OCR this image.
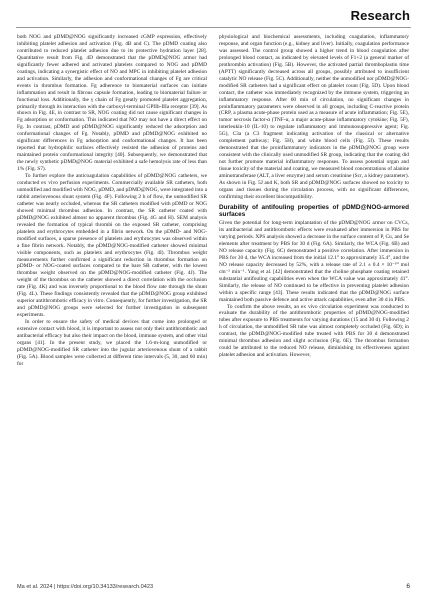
Research

both NOG and pDMD@NOG significantly increased cGMP expression, effectively inhibiting platelet adhesion and activation (Fig. 4B and C). The pDMD coating also contributed to reduced platelet adhesion due to its protective hydration layer [28]. Quantitative result from Fig. 4D demonstrated that the pDMD@NOG armor had significantly fewer adhered and activated platelets compared to NOG and pDMD coatings, indicating a synergistic effect of NO and MPC in inhibiting platelet adhesion and activation. Similarly, the adhesion and conformational changes of Fg are critical events in thrombus formation. Fg adherence to biomaterial surfaces can initiate inflammation and result in fibrous capsule formation, leading to biomaterial failure or functional loss. Additionally, the γ chain of Fg greatly promoted platelet aggregation, primarily through its interaction with the carboxyl-terminal GPIIb-IIIa receptor [39]. As shown in Fig. 4E, in contrast to SR, NOG coating did not cause significant changes in Fg adsorption or conformation. This indicated that NO may not have a direct effect on Fg. In contrast, pDMD and pDMD@NOG significantly reduced the adsorption and conformational changes of Fg. Notably, pDMD and pDMD@NOG exhibited no significant differences in Fg adsorption and conformational changes. It has been reported that hydrophilic surfaces effectively resisted the adhesion of proteins and maintained protein conformational integrity [40]. Subsequently, we demonstrated that the newly synthetic pDMD@NOG material exhibited a safe hemolysis rate of less than 1% (Fig. S7).

To further explore the anticoagulation capabilities of pDMD@NOG catheters, we conducted ex vivo perfusion experiments. Commercially available SR catheters, both unmodified and modified with NOG, pDMD, and pDMD@NOG, were integrated into a rabbit arteriovenous shunt system (Fig. 4F). Following 2 h of flow, the unmodified SR catheter was nearly occluded, whereas the SR catheters modified with pDMD or NOG showed minimal thrombus adhesion. In contrast, the SR catheter coated with pDMD@NOG exhibited almost no apparent thrombus (Fig. 4G and H). SEM analysis revealed the formation of typical thrombi on the exposed SR catheter, comprising platelets and erythrocytes embedded in a fibrin network. On the pDMD- and NOG-modified surfaces, a sparse presence of platelets and erythrocytes was observed within a fine fibrin network. Notably, the pDMD@NOG-modified catheter showed minimal visible components, such as platelets and erythrocytes (Fig. 4I). Thrombus weight measurements further confirmed a significant reduction in thrombus formation on pDMD- or NOG-coated surfaces compared to the bare SR catheter, with the lowest thrombus weight observed on the pDMD@NOG-modified catheter (Fig. 4J). The weight of the thrombus on the catheter showed a direct correlation with the occlusion rate (Fig. 4K) and was inversely proportional to the blood flow rate through the shunt (Fig. 4L). These findings consistently revealed that the pDMD@NOG group exhibited superior antithrombotic efficacy in vitro. Consequently, for further investigation, the SR and pDMD@NOG groups were selected for further investigation in subsequent experiments.

In order to ensure the safety of medical devices that come into prolonged or extensive contact with blood, it is important to assess not only their antithrombotic and antibacterial efficacy but also their impact on the blood, immune system, and other vital organs [41]. In the present study, we placed the 1.6-m-long unmodified or pDMD@NOG-modified SR catheter into the jugular arteriovenous shunt of a rabbit (Fig. 5A). Blood samples were collected at different time intervals (5, 30, and 60 min) for

physiological and biochemical assessments, including coagulation, inflammatory response, and organ function (e.g., kidney and liver). Initially, coagulation performance was assessed. The control group showed a higher trend in blood coagulation after prolonged blood contact, as indicated by elevated levels of F1+2 (a general marker of prothrombin activation) (Fig. 5B). However, the activated partial thromboplastin time (APTT) significantly decreased across all groups, possibly attributed to insufficient catalytic NO release (Fig. 5C). Additionally, neither the unmodified nor pDMD@NOG-modified SR catheters had a significant effect on platelet count (Fig. 5D). Upon blood contact, the catheter was immediately recognized by the immune system, triggering an inflammatory response. After 60 min of circulation, no significant changes in proinflammatory parameters were observed in all groups, including C-reactive protein (CRP, a plasma acute-phase protein used as a measure of acute inflammation; Fig. 5E), tumor necrosis factor-α (TNF-α, a major acute-phase inflammatory cytokine; Fig. 5F), interleukin-10 (IL-10) to regulate inflammatory and immunosuppressive agent; Fig. 5G), C3a (a C3 fragment indicating activation of the classical or alternative complement pathway; Fig. 5H), and white blood cells (Fig. 5I). These results demonstrated that the proinflammatory indicators in the pDMD@NOG group were consistent with the clinically used unmodified SR group, indicating that the coating did not further promote material inflammatory responses. To assess potential organ and tissue toxicity of the material and coating, we measured blood concentrations of alanine aminotransferase (ALT, a liver enzyme) and serum creatinine (Scr, a kidney parameter). As shown in Fig. 5J and K, both SR and pDMD@NOG surfaces showed no toxicity to organs and tissues during the circulation process, with no significant differences, confirming their excellent biocompatibility.

Durability of antifouling properties of pDMD@NOG-armored surfaces

Given the potential for long-term implantation of the pDMD@NOG armor on CVCs, its antibacterial and antithrombotic effects were evaluated after immersion in PBS for varying periods. XPS analysis showed a decrease in the surface content of P, Cu, and Se elements after treatment by PBS for 30 d (Fig. 6A). Similarly, the WCA (Fig. 6B) and NO release capacity (Fig. 6C) demonstrated a positive correlation. After immersion in PBS for 30 d, the WCA increased from the initial 12.1° to approximately 35.4°, and the NO release capacity decreased by 52%, with a release rate of 2.1 ± 0.4 × 10⁻¹⁰ mol cm⁻² min⁻¹. Yang et al. [42] demonstrated that the choline phosphate coating retained substantial antifouling capabilities even when the WCA value was approximately 41°. Similarly, the release of NO continued to be effective in preventing platelet adhesion within a specific range [43]. These results indicated that the pDMD@NOG surface maintained both passive defence and active attack capabilities, even after 30 d in PBS.

To confirm the above results, an ex vivo circulation experiment was conducted to evaluate the durability of the antithrombotic properties of pDMD@NOG-modified tubes after exposure to PBS treatments for varying durations (15 and 30 d). Following 2 h of circulation, the unmodified SR tube was almost completely occluded (Fig. 6D); in contrast, the pDMD@NOG-modified tube treated with PBS for 30 d demonstrated minimal thrombus adhesion and slight occlusion (Fig. 6E). The thrombus formation could be attributed to the reduced NO release, diminishing its effectiveness against platelet adhesion and activation. However,

Ma et al. 2024 | https://doi.org/10.34133/research.0423	6
